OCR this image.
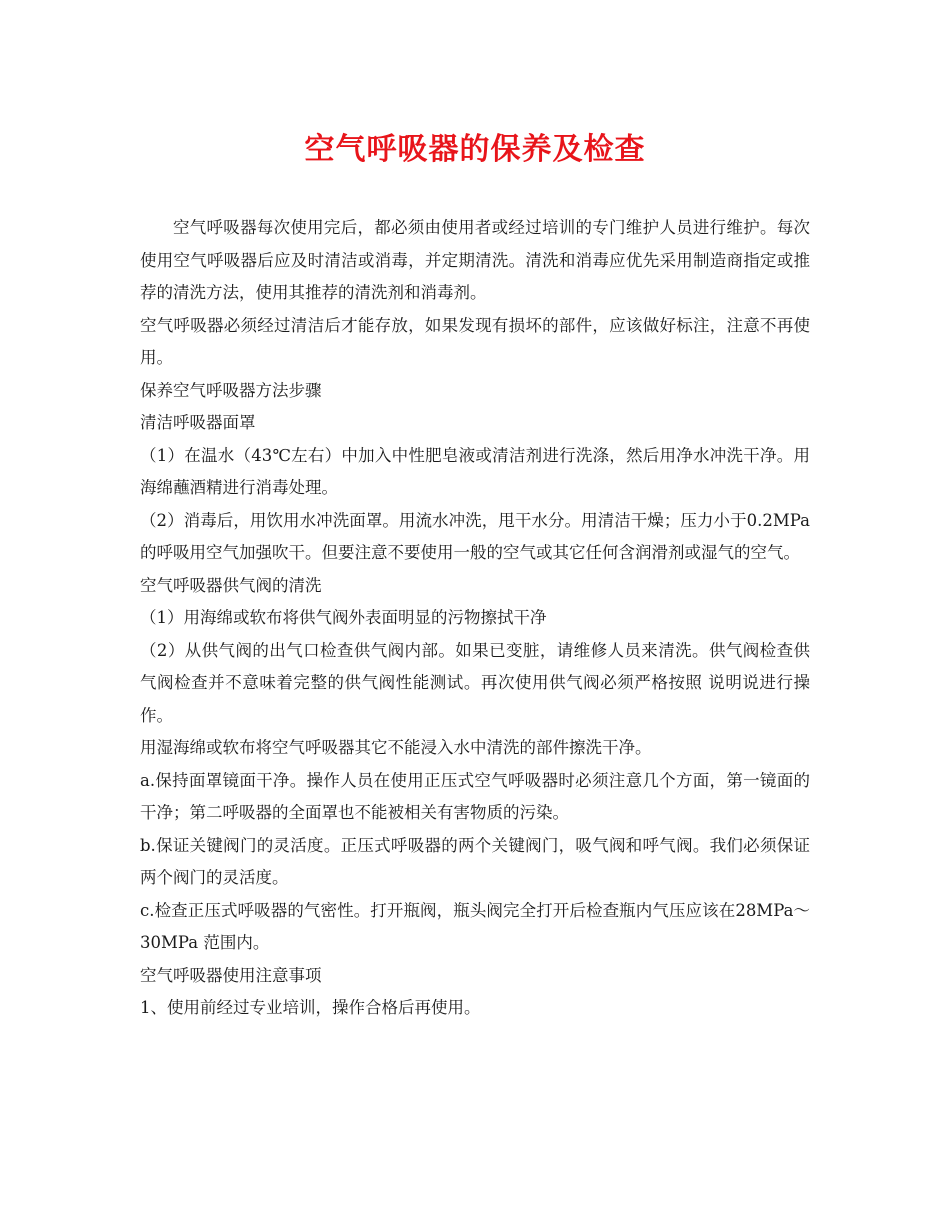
空气呼吸器的保养及检查

空气呼吸器每次使用完后，都必须由使用者或经过培训的专门维护人员进行维护。每次使用空气呼吸器后应及时清洁或消毒，并定期清洗。清洗和消毒应优先采用制造商指定或推荐的清洗方法，使用其推荐的清洗剂和消毒剂。

空气呼吸器必须经过清洁后才能存放，如果发现有损坏的部件，应该做好标注，注意不再使用。

保养空气呼吸器方法步骤

清洁呼吸器面罩

（1）在温水（43℃左右）中加入中性肥皂液或清洁剂进行洗涤，然后用净水冲洗干净。用海绵蘸酒精进行消毒处理。

（2）消毒后，用饮用水冲洗面罩。用流水冲洗，甩干水分。用清洁干燥；压力小于0.2MPa 的呼吸用空气加强吹干。但要注意不要使用一般的空气或其它任何含润滑剂或湿气的空气。

空气呼吸器供气阀的清洗

（1）用海绵或软布将供气阀外表面明显的污物擦拭干净

（2）从供气阀的出气口检查供气阀内部。如果已变脏，请维修人员来清洗。供气阀检查供气阀检查并不意味着完整的供气阀性能测试。再次使用供气阀必须严格按照 说明说进行操作。

用湿海绵或软布将空气呼吸器其它不能浸入水中清洗的部件擦洗干净。

a.保持面罩镜面干净。操作人员在使用正压式空气呼吸器时必须注意几个方面，第一镜面的干净；第二呼吸器的全面罩也不能被相关有害物质的污染。

b.保证关键阀门的灵活度。正压式呼吸器的两个关键阀门，吸气阀和呼气阀。我们必须保证两个阀门的灵活度。

c.检查正压式呼吸器的气密性。打开瓶阀，瓶头阀完全打开后检查瓶内气压应该在28MPa～30MPa 范围内。

空气呼吸器使用注意事项

1、使用前经过专业培训，操作合格后再使用。
